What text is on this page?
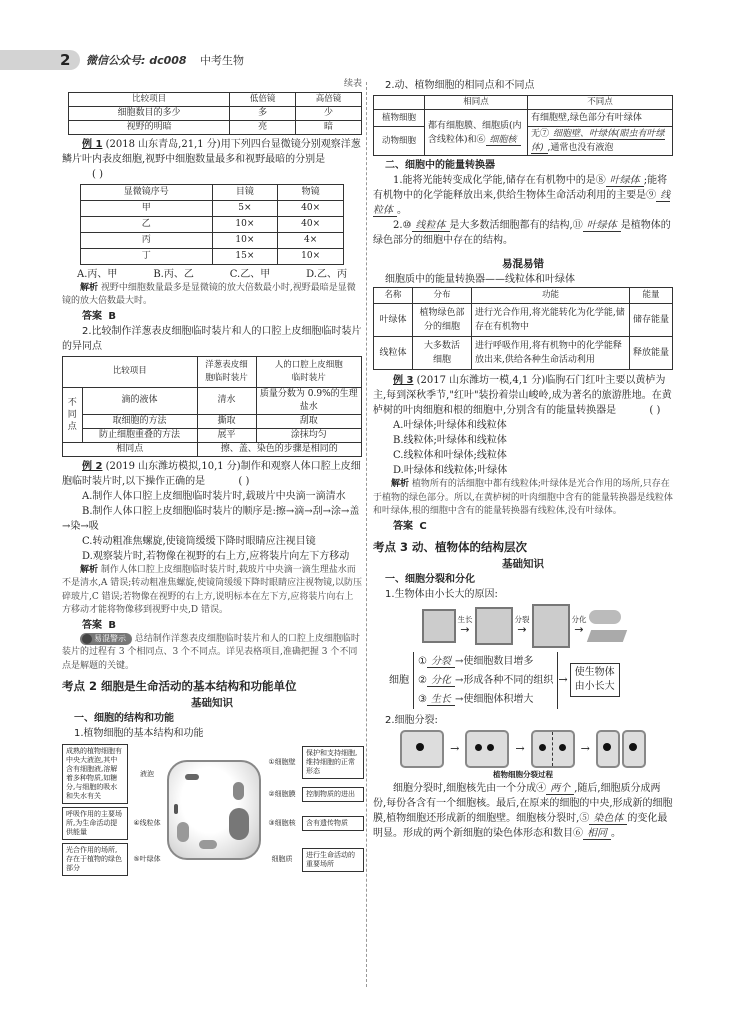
2 微信公众号: dc008 中考生物

续表

比较项目	低倍镜	高倍镜
细胞数目的多少	多	少
视野的明暗	亮	暗

例 1 (2018 山东青岛,21,1 分)用下列四台显微镜分别观察洋葱鳞片叶内表皮细胞,视野中细胞数量最多和视野最暗的分别是 ( )

显微镜序号	目镜	物镜
甲	5×	40×
乙	10×	40×
丙	10×	4×
丁	15×	10×
A.丙、甲	B.丙、乙	C.乙、甲	D.乙、丙

解析 视野中细胞数量最多是显微镜的放大倍数最小时,视野最暗是显微镜的放大倍数最大时。

答案 B

2.比较制作洋葱表皮细胞临时装片和人的口腔上皮细胞临时装片的异同点

比较项目		洋葱表皮细胞临时装片	人的口腔上皮细胞临时装片
不同点	滴的液体	清水	质量分数为 0.9%的生理盐水
	取细胞的方法	撕取	刮取
	防止细胞重叠的方法	展平	涂抹均匀
相同点		擦、盖、染色的步骤是相同的	

例 2 (2019 山东潍坊模拟,10,1 分)制作和观察人体口腔上皮细胞临时装片时,以下操作正确的是	( )

A.制作人体口腔上皮细胞临时装片时,载玻片中央滴一滴清水

B.制作人体口腔上皮细胞临时装片的顺序是:擦→滴→刮→涂→盖→染→吸

C.转动粗准焦螺旋,使镜筒缓缓下降时眼睛应注视目镜

D.观察装片时,若物像在视野的右上方,应将装片向左下方移动

解析 制作人体口腔上皮细胞临时装片时,载玻片中央滴一滴生理盐水而不是清水,A 错误;转动粗准焦螺旋,使镜筒缓缓下降时眼睛应注视物镜,以防压碎玻片,C 错误;若物像在视野的右上方,说明标本在左下方,应将装片向右上方移动才能将物像移到视野中央,D 错误。

答案 B

易混警示 总结制作洋葱表皮细胞临时装片和人的口腔上皮细胞临时装片的过程有 3 个相同点、3 个不同点。详见表格项目,准确把握 3 个不同点是解题的关键。

考点 2 细胞是生命活动的基本结构和功能单位

基础知识

一、细胞的结构和功能

1.植物细胞的基本结构和功能

成熟的植物细胞有中央大液泡,其中含有细胞液,溶解着多种物质,如糖分,与细胞的吸水和失水有关
液泡
呼吸作用的主要场所,为生命活动提供能量
④线粒体
光合作用的场所,存在于植物的绿色部分
⑤叶绿体
①细胞壁
保护和支持细胞,维持细胞的正常形态
②细胞膜	控制物质的进出
③细胞核	含有遗传物质
细胞质
进行生命活动的重要场所

2.动、植物细胞的相同点和不同点

	相同点	不同点
植物细胞	都有细胞膜、细胞质(内含线粒体)和⑥ 细胞核	有细胞壁,绿色部分有叶绿体
动物细胞		无⑦ 细胞壁、叶绿体(眼虫有叶绿体) ,通常也没有液泡

二、细胞中的能量转换器

1.能将光能转变成化学能,储存在有机物中的是⑧ 叶绿体 ;能将有机物中的化学能释放出来,供给生物体生命活动利用的主要是⑨ 线粒体 。

2.⑩ 线粒体 是大多数活细胞都有的结构,⑪ 叶绿体 是植物体的绿色部分的细胞中存在的结构。

易混易错

细胞质中的能量转换器——线粒体和叶绿体

名称	分布	功能	能量
叶绿体	植物绿色部分的细胞	进行光合作用,将光能转化为化学能,储存在有机物中	储存能量
线粒体	大多数活细胞	进行呼吸作用,将有机物中的化学能释放出来,供给各种生命活动利用	释放能量

例 3 (2017 山东潍坊一模,4,1 分)临朐石门红叶主要以黄栌为主,每到深秋季节,"红叶"装扮着崇山峻岭,成为著名的旅游胜地。在黄栌树的叶肉细胞和根的细胞中,分别含有的能量转换器是	( )

A.叶绿体;叶绿体和线粒体

B.线粒体;叶绿体和线粒体

C.线粒体和叶绿体;线粒体

D.叶绿体和线粒体;叶绿体

解析 植物所有的活细胞中都有线粒体;叶绿体是光合作用的场所,只存在于植物的绿色部分。所以,在黄栌树的叶肉细胞中含有的能量转换器是线粒体和叶绿体,根的细胞中含有的能量转换器有线粒体,没有叶绿体。

答案 C

考点 3 动、植物体的结构层次

基础知识

一、细胞分裂和分化

1.生物体由小长大的原因:

生长
→
分裂
→
分化
→
细胞
① 分裂 →使细胞数目增多
② 分化 →形成各种不同的组织
③ 生长 →使细胞体积增大
→
使生物体由小长大

2.细胞分裂:

→	→	→

植物细胞分裂过程

细胞分裂时,细胞核先由一个分成④ 两个 ,随后,细胞质分成两份,每份各含有一个细胞核。最后,在原来的细胞的中央,形成新的细胞膜,植物细胞还形成新的细胞壁。细胞核分裂时,⑤ 染色体 的变化最明显。形成的两个新细胞的染色体形态和数目⑥ 相同 。
